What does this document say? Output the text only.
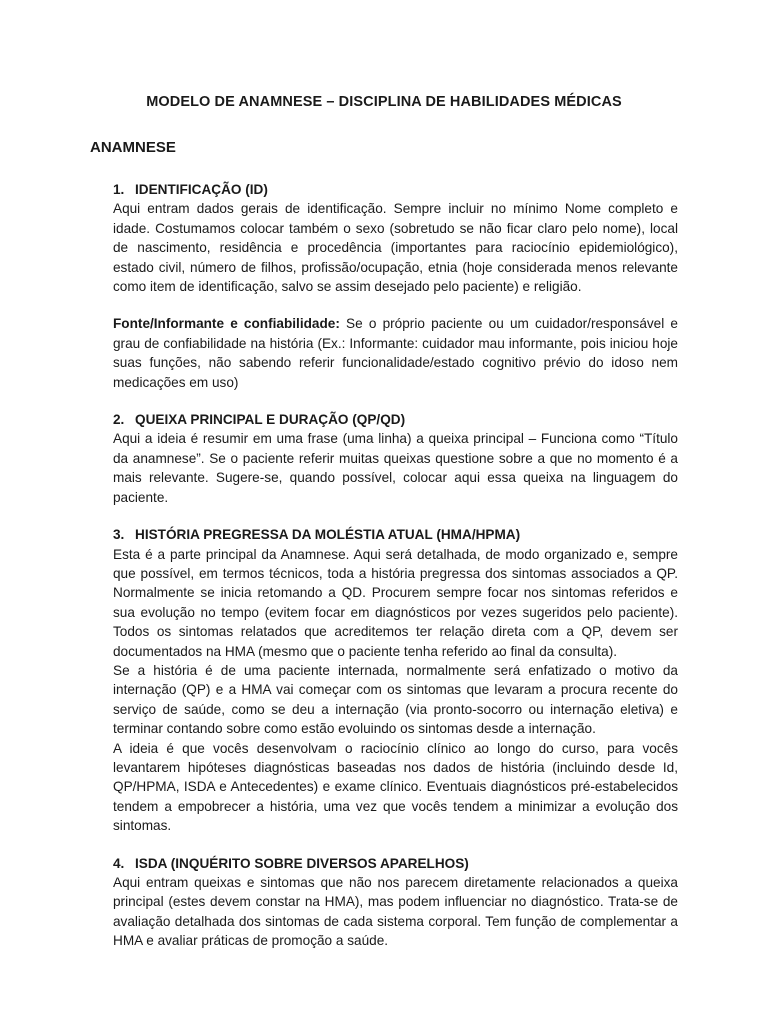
MODELO DE ANAMNESE – DISCIPLINA DE HABILIDADES MÉDICAS
ANAMNESE

1. IDENTIFICAÇÃO (ID)

Aqui entram dados gerais de identificação. Sempre incluir no mínimo Nome completo e idade. Costumamos colocar também o sexo (sobretudo se não ficar claro pelo nome), local de nascimento, residência e procedência (importantes para raciocínio epidemiológico), estado civil, número de filhos, profissão/ocupação, etnia (hoje considerada menos relevante como item de identificação, salvo se assim desejado pelo paciente) e religião.

Fonte/Informante e confiabilidade: Se o próprio paciente ou um cuidador/responsável e grau de confiabilidade na história (Ex.: Informante: cuidador mau informante, pois iniciou hoje suas funções, não sabendo referir funcionalidade/estado cognitivo prévio do idoso nem medicações em uso)

2. QUEIXA PRINCIPAL E DURAÇÃO (QP/QD)

Aqui a ideia é resumir em uma frase (uma linha) a queixa principal – Funciona como “Título da anamnese”. Se o paciente referir muitas queixas questione sobre a que no momento é a mais relevante. Sugere-se, quando possível, colocar aqui essa queixa na linguagem do paciente.

3. HISTÓRIA PREGRESSA DA MOLÉSTIA ATUAL (HMA/HPMA)

Esta é a parte principal da Anamnese. Aqui será detalhada, de modo organizado e, sempre que possível, em termos técnicos, toda a história pregressa dos sintomas associados a QP. Normalmente se inicia retomando a QD. Procurem sempre focar nos sintomas referidos e sua evolução no tempo (evitem focar em diagnósticos por vezes sugeridos pelo paciente). Todos os sintomas relatados que acreditemos ter relação direta com a QP, devem ser documentados na HMA (mesmo que o paciente tenha referido ao final da consulta).

Se a história é de uma paciente internada, normalmente será enfatizado o motivo da internação (QP) e a HMA vai começar com os sintomas que levaram a procura recente do serviço de saúde, como se deu a internação (via pronto-socorro ou internação eletiva) e terminar contando sobre como estão evoluindo os sintomas desde a internação.

A ideia é que vocês desenvolvam o raciocínio clínico ao longo do curso, para vocês levantarem hipóteses diagnósticas baseadas nos dados de história (incluindo desde Id, QP/HPMA, ISDA e Antecedentes) e exame clínico. Eventuais diagnósticos pré-estabelecidos tendem a empobrecer a história, uma vez que vocês tendem a minimizar a evolução dos sintomas.

4. ISDA (INQUÉRITO SOBRE DIVERSOS APARELHOS)

Aqui entram queixas e sintomas que não nos parecem diretamente relacionados a queixa principal (estes devem constar na HMA), mas podem influenciar no diagnóstico. Trata-se de avaliação detalhada dos sintomas de cada sistema corporal. Tem função de complementar a HMA e avaliar práticas de promoção a saúde.
